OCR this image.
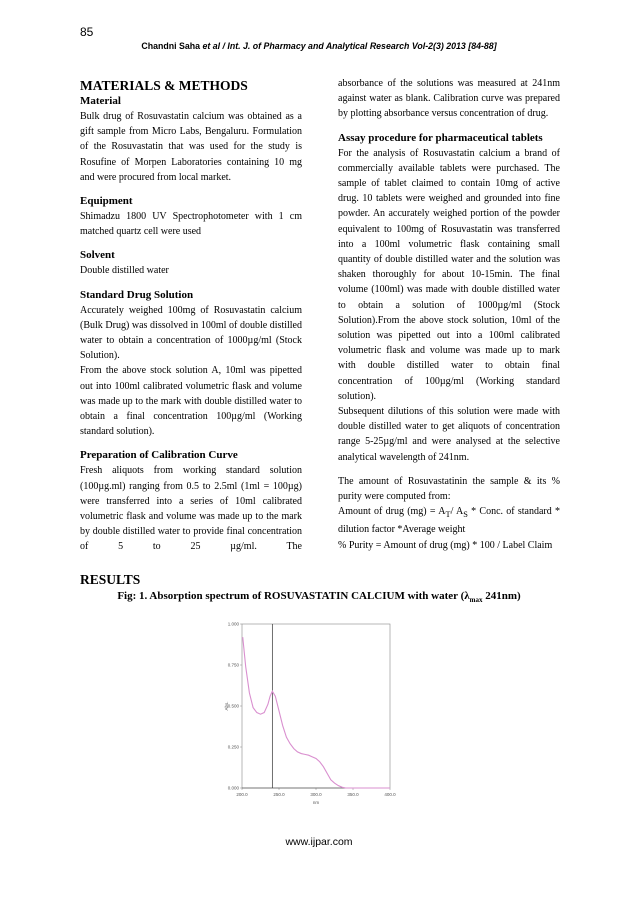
85
Chandni Saha et al / Int. J. of Pharmacy and Analytical Research Vol-2(3) 2013 [84-88]

MATERIALS & METHODS

Material

Bulk drug of Rosuvastatin calcium was obtained as a gift sample from Micro Labs, Bengaluru. Formulation of the Rosuvastatin that was used for the study is Rosufine of Morpen Laboratories containing 10 mg and were procured from local market.

Equipment

Shimadzu 1800 UV Spectrophotometer with 1 cm matched quartz cell were used

Solvent

Double distilled water

Standard Drug Solution

Accurately weighed 100mg of Rosuvastatin calcium (Bulk Drug) was dissolved in 100ml of double distilled water to obtain a concentration of 1000µg/ml (Stock Solution).

From the above stock solution A, 10ml was pipetted out into 100ml calibrated volumetric flask and volume was made up to the mark with double distilled water to obtain a final concentration 100µg/ml (Working standard solution).

Preparation of Calibration Curve

Fresh aliquots from working standard solution (100µg.ml) ranging from 0.5 to 2.5ml (1ml = 100µg) were transferred into a series of 10ml calibrated volumetric flask and volume was made up to the mark by double distilled water to provide final concentration of 5 to 25 µg/ml. The

absorbance of the solutions was measured at 241nm against water as blank. Calibration curve was prepared by plotting absorbance versus concentration of drug.

Assay procedure for pharmaceutical tablets

For the analysis of Rosuvastatin calcium a brand of commercially available tablets were purchased. The sample of tablet claimed to contain 10mg of active drug. 10 tablets were weighed and grounded into fine powder. An accurately weighed portion of the powder equivalent to 100mg of Rosuvastatin was transferred into a 100ml volumetric flask containing small quantity of double distilled water and the solution was shaken thoroughly for about 10-15min. The final volume (100ml) was made with double distilled water to obtain a solution of 1000µg/ml (Stock Solution).From the above stock solution, 10ml of the solution was pipetted out into a 100ml calibrated volumetric flask and volume was made up to mark with double distilled water to obtain final concentration of 100µg/ml (Working standard solution).

Subsequent dilutions of this solution were made with double distilled water to get aliquots of concentration range 5-25µg/ml and were analysed at the selective analytical wavelength of 241nm.

The amount of Rosuvastatinin the sample & its % purity were computed from:

Amount of drug $(mg) = A_T/$ $A_S$ * Conc. of standard * dilution factor *Average weight

% Purity = Amount of drug (mg) * 100 / Label Claim

RESULTS
Fig: 1. Absorption spectrum of ROSUVASTATIN CALCIUM with water ($\lambda_{max}$ 241nm)
200.0	250.0	300.0	350.0	400.0
0.000
0.250
0.500
0.750
1.000
nm
Abs.
www.ijpar.com
